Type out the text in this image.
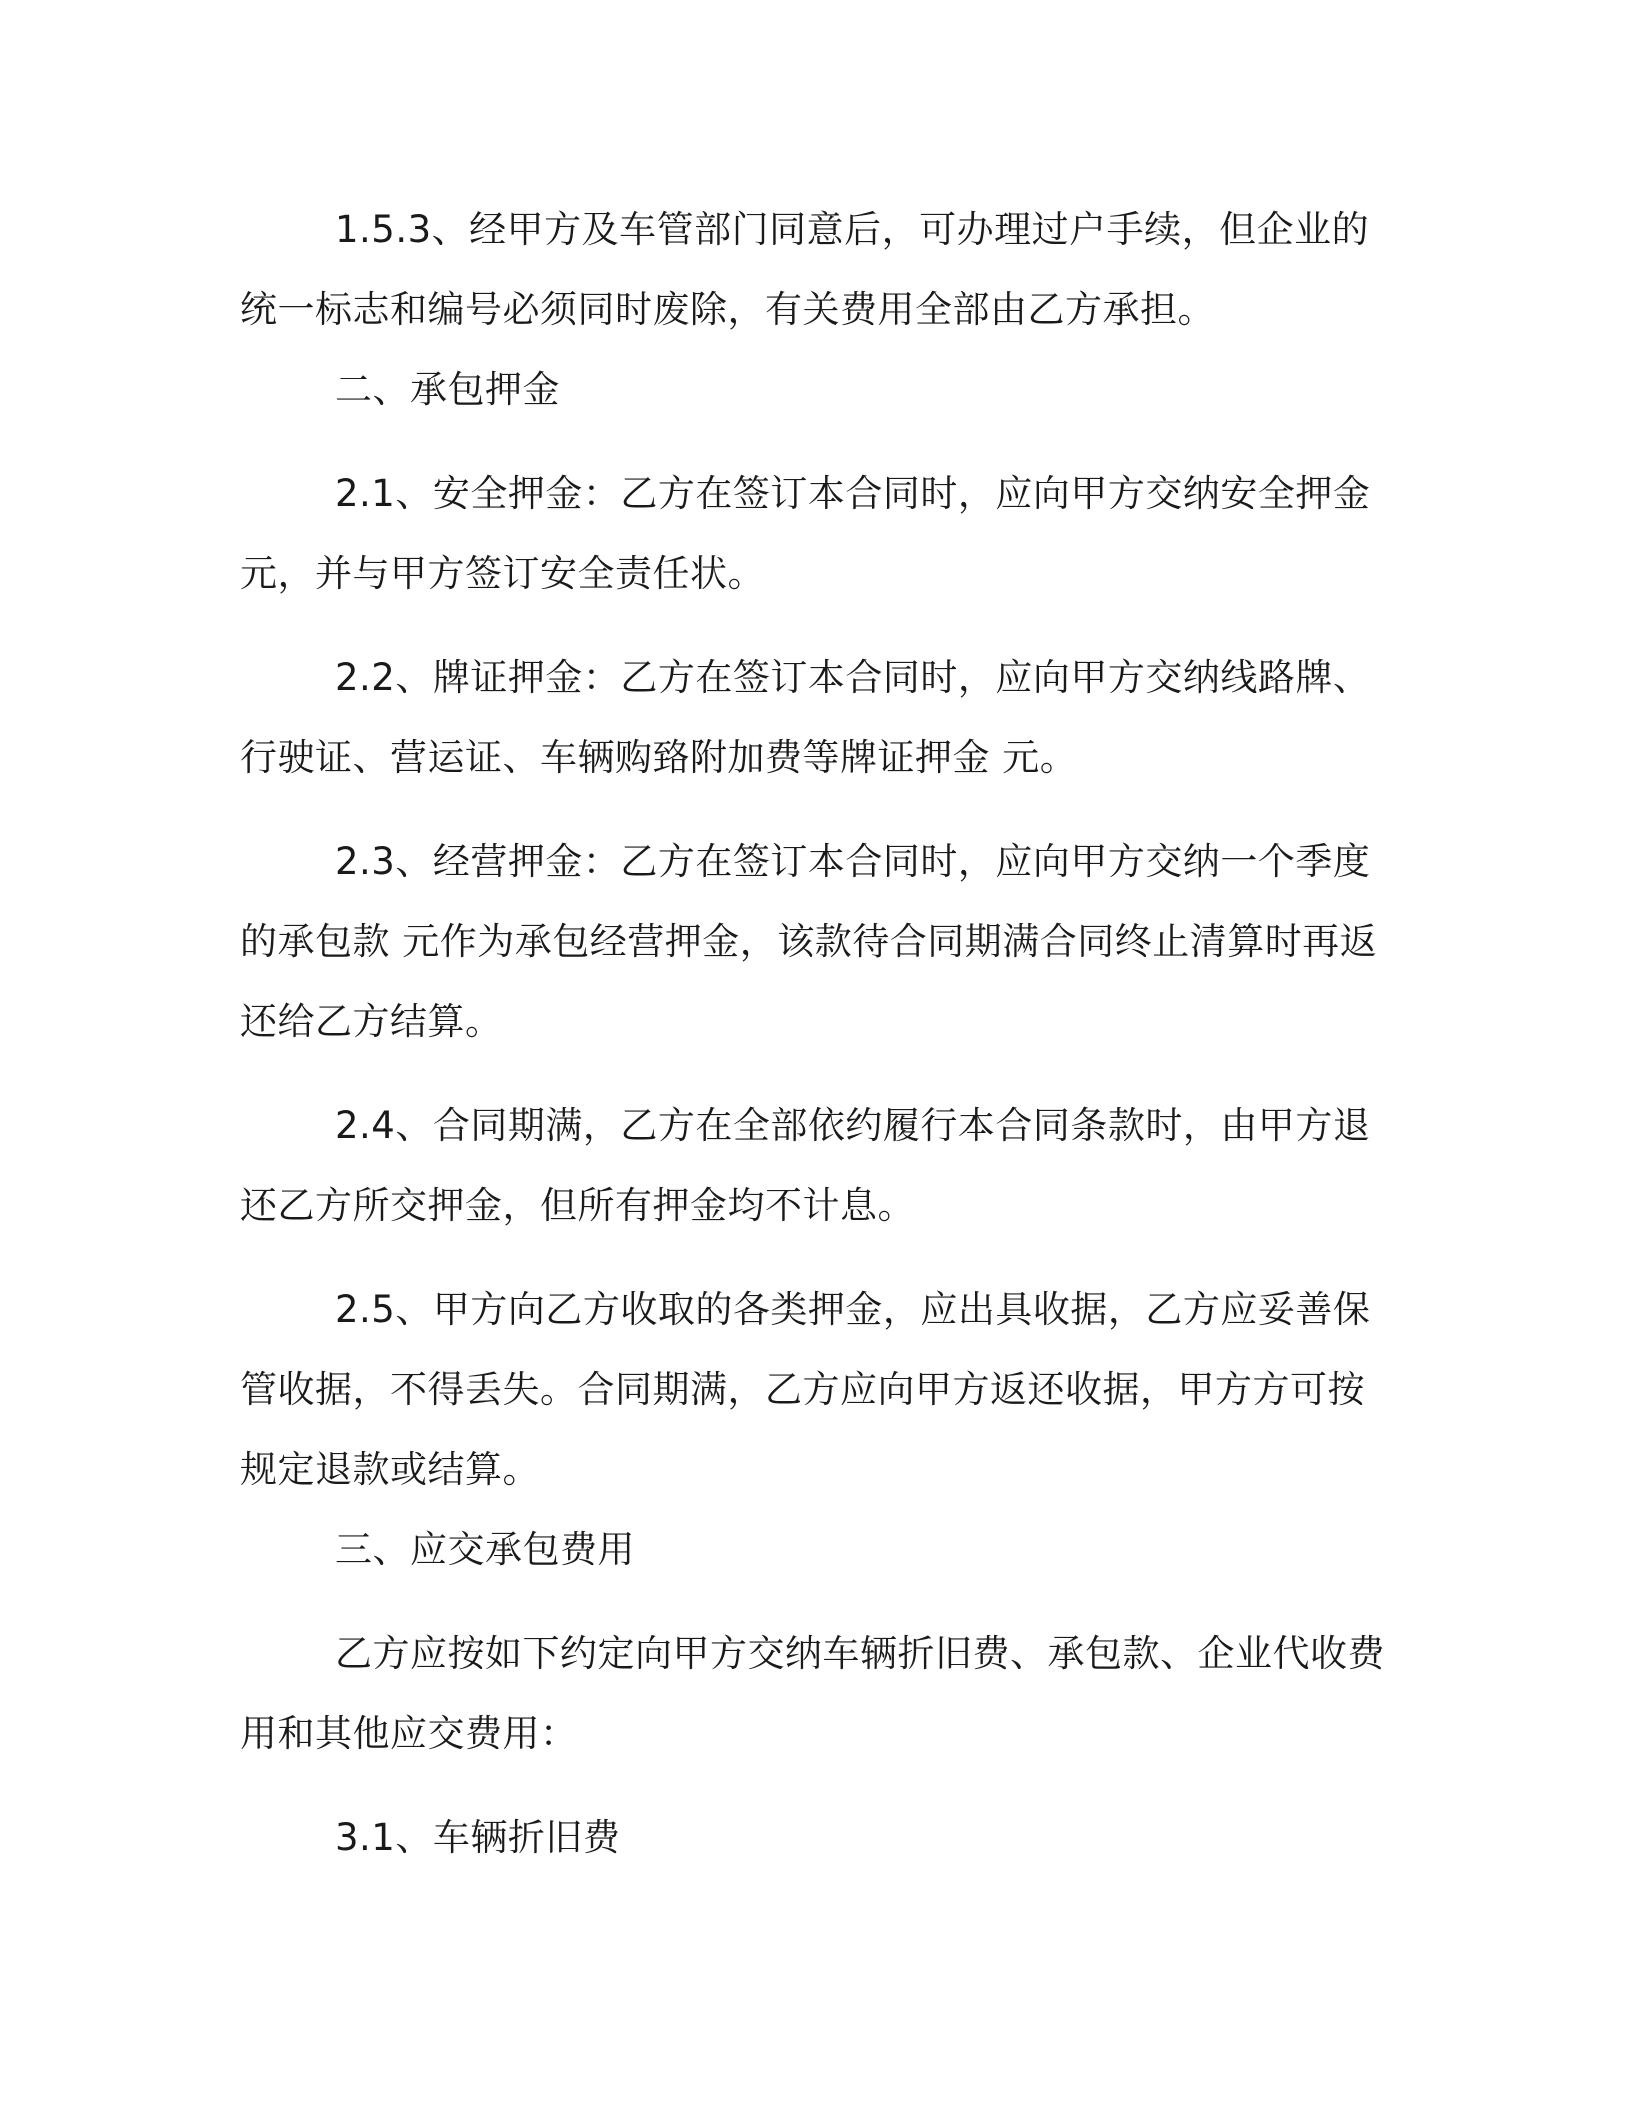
1.5.3、经甲方及车管部门同意后，可办理过户手续，但企业的统一标志和编号必须同时废除，有关费用全部由乙方承担。

二、承包押金

2.1、安全押金：乙方在签订本合同时，应向甲方交纳安全押金 元，并与甲方签订安全责任状。

2.2、牌证押金：乙方在签订本合同时，应向甲方交纳线路牌、行驶证、营运证、车辆购臵附加费等牌证押金 元。

2.3、经营押金：乙方在签订本合同时，应向甲方交纳一个季度的承包款 元作为承包经营押金，该款待合同期满合同终止清算时再返还给乙方结算。

2.4、合同期满，乙方在全部依约履行本合同条款时，由甲方退还乙方所交押金，但所有押金均不计息。

2.5、甲方向乙方收取的各类押金，应出具收据，乙方应妥善保管收据，不得丢失。合同期满，乙方应向甲方返还收据，甲方方可按规定退款或结算。

三、应交承包费用

乙方应按如下约定向甲方交纳车辆折旧费、承包款、企业代收费用和其他应交费用：

3.1、车辆折旧费
